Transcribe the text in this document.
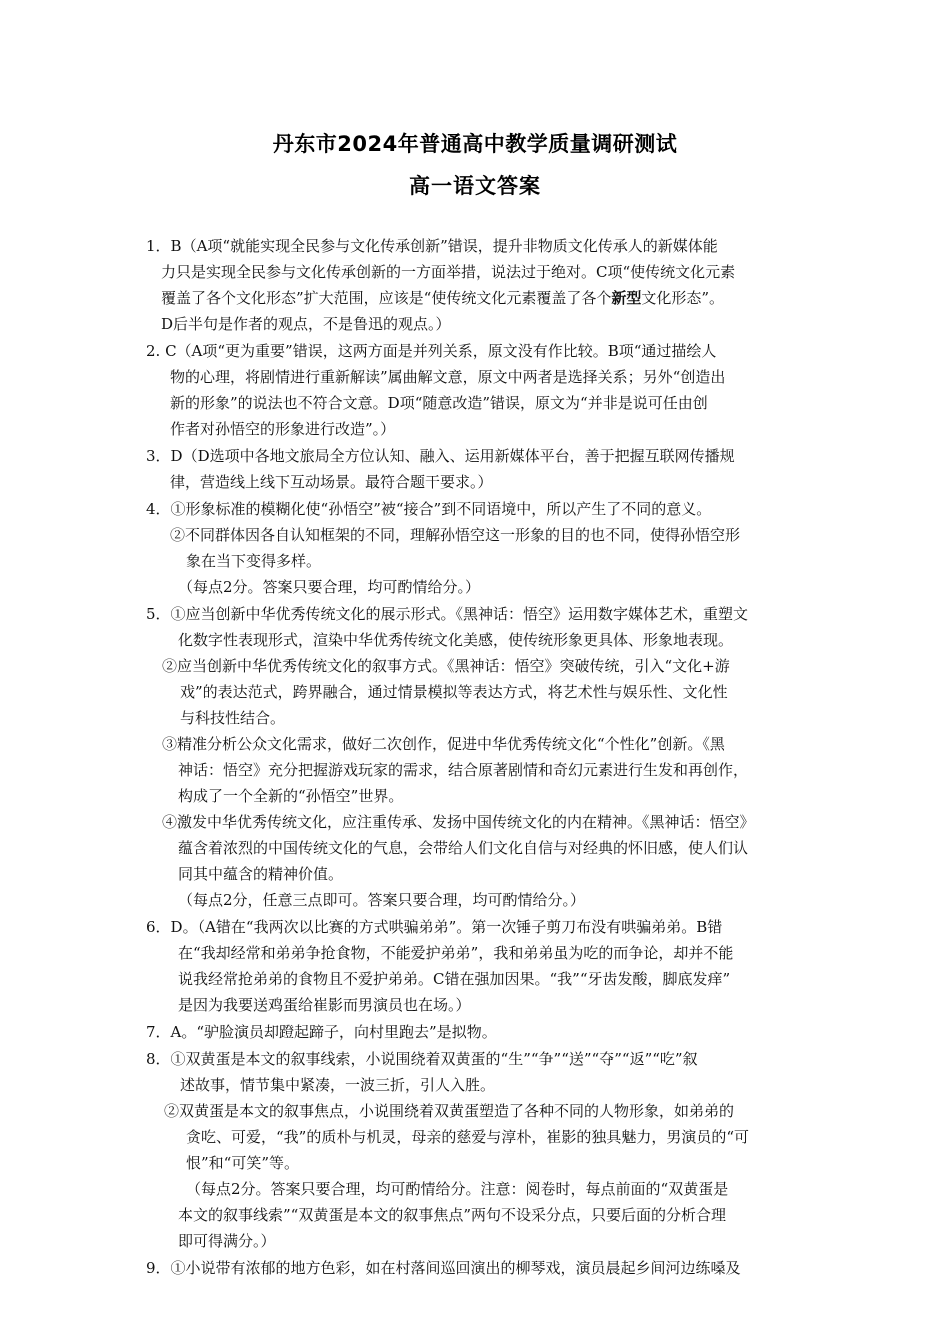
丹东市2024年普通高中教学质量调研测试
高一语文答案
1．B（A项“就能实现全民参与文化传承创新”错误，提升非物质文化传承人的新媒体能
力只是实现全民参与文化传承创新的一方面举措，说法过于绝对。C项“使传统文化元素
覆盖了各个文化形态”扩大范围，应该是“使传统文化元素覆盖了各个新型文化形态”。
D后半句是作者的观点，不是鲁迅的观点。）
2. C（A项“更为重要”错误，这两方面是并列关系，原文没有作比较。B项“通过描绘人
物的心理，将剧情进行重新解读”属曲解文意，原文中两者是选择关系；另外“创造出
新的形象”的说法也不符合文意。D项“随意改造”错误，原文为“并非是说可任由创
作者对孙悟空的形象进行改造”。）
3．D（D选项中各地文旅局全方位认知、融入、运用新媒体平台，善于把握互联网传播规
律，营造线上线下互动场景。最符合题干要求。）
4．①形象标准的模糊化使“孙悟空”被“接合”到不同语境中，所以产生了不同的意义。
②不同群体因各自认知框架的不同，理解孙悟空这一形象的目的也不同，使得孙悟空形
象在当下变得多样。
（每点2分。答案只要合理，均可酌情给分。）
5．①应当创新中华优秀传统文化的展示形式。《黑神话：悟空》运用数字媒体艺术，重塑文
化数字性表现形式，渲染中华优秀传统文化美感，使传统形象更具体、形象地表现。
②应当创新中华优秀传统文化的叙事方式。《黑神话：悟空》突破传统，引入“文化+游
戏”的表达范式，跨界融合，通过情景模拟等表达方式，将艺术性与娱乐性、文化性
与科技性结合。
③精准分析公众文化需求，做好二次创作，促进中华优秀传统文化“个性化”创新。《黑
神话：悟空》充分把握游戏玩家的需求，结合原著剧情和奇幻元素进行生发和再创作，
构成了一个全新的“孙悟空”世界。
④激发中华优秀传统文化，应注重传承、发扬中国传统文化的内在精神。《黑神话：悟空》
蕴含着浓烈的中国传统文化的气息，会带给人们文化自信与对经典的怀旧感，使人们认
同其中蕴含的精神价值。
（每点2分，任意三点即可。答案只要合理，均可酌情给分。）
6．D。（A错在“我两次以比赛的方式哄骗弟弟”。第一次锤子剪刀布没有哄骗弟弟。B错
在“我却经常和弟弟争抢食物，不能爱护弟弟”，我和弟弟虽为吃的而争论，却并不能
说我经常抢弟弟的食物且不爱护弟弟。C错在强加因果。“我”“牙齿发酸，脚底发痒”
是因为我要送鸡蛋给崔影而男演员也在场。）
7．A。“驴脸演员却蹬起蹄子，向村里跑去”是拟物。
8．①双黄蛋是本文的叙事线索，小说围绕着双黄蛋的“生”“争”“送”“夺”“返”“吃”叙
述故事，情节集中紧凑，一波三折，引人入胜。
②双黄蛋是本文的叙事焦点，小说围绕着双黄蛋塑造了各种不同的人物形象，如弟弟的
贪吃、可爱，“我”的质朴与机灵，母亲的慈爱与淳朴，崔影的独具魅力，男演员的“可
恨”和“可笑”等。
（每点2分。答案只要合理，均可酌情给分。注意：阅卷时，每点前面的“双黄蛋是
本文的叙事线索”“双黄蛋是本文的叙事焦点”两句不设采分点，只要后面的分析合理
即可得满分。）
9．①小说带有浓郁的地方色彩，如在村落间巡回演出的柳琴戏，演员晨起乡间河边练嗓及
